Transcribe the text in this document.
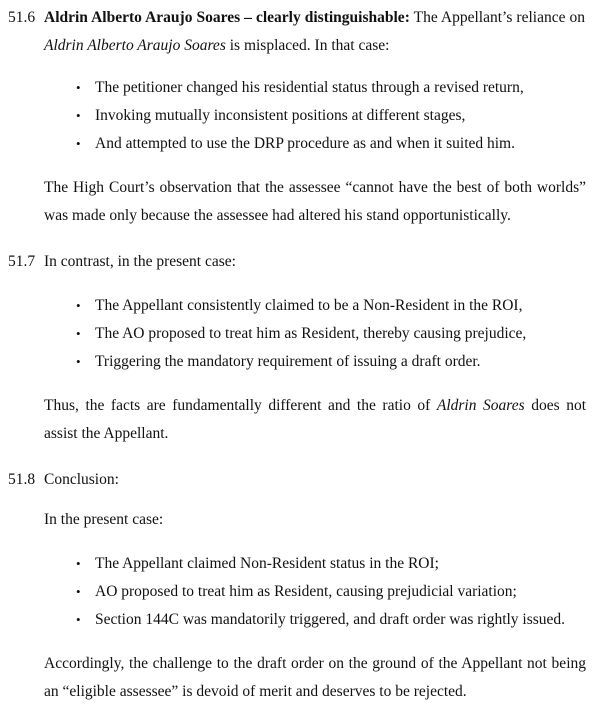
51.6 Aldrin Alberto Araujo Soares – clearly distinguishable: The Appellant’s reliance on Aldrin Alberto Araujo Soares is misplaced. In that case:

• The petitioner changed his residential status through a revised return,
• Invoking mutually inconsistent positions at different stages,
• And attempted to use the DRP procedure as and when it suited him.

The High Court’s observation that the assessee “cannot have the best of both worlds” was made only because the assessee had altered his stand opportunistically.

51.7 In contrast, in the present case:

• The Appellant consistently claimed to be a Non-Resident in the ROI,
• The AO proposed to treat him as Resident, thereby causing prejudice,
• Triggering the mandatory requirement of issuing a draft order.

Thus, the facts are fundamentally different and the ratio of Aldrin Soares does not assist the Appellant.

51.8 Conclusion:

In the present case:

• The Appellant claimed Non-Resident status in the ROI;
• AO proposed to treat him as Resident, causing prejudicial variation;
• Section 144C was mandatorily triggered, and draft order was rightly issued.

Accordingly, the challenge to the draft order on the ground of the Appellant not being an “eligible assessee” is devoid of merit and deserves to be rejected.
